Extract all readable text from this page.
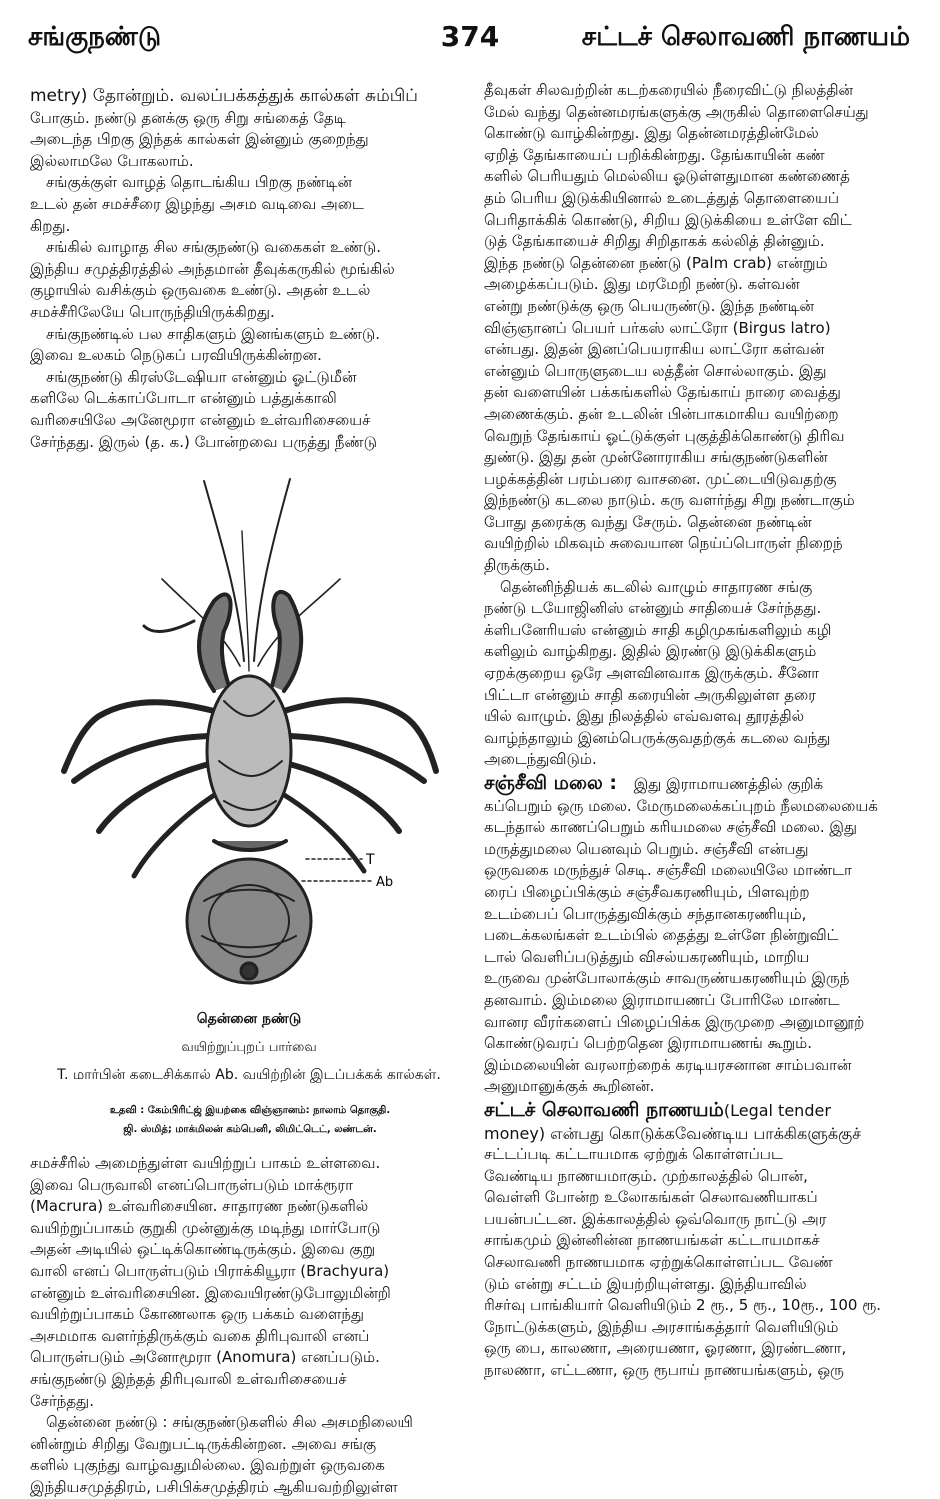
சங்குநண்டு	374	சட்டச் செலாவணி நாணயம்
metry) தோன்றும். வலப்பக்கத்துக் கால்கள் சும்பிப்
போகும். நண்டு தனக்கு ஒரு சிறு சங்கைத் தேடி
அடைந்த பிறகு இந்தக் கால்கள் இன்னும் குறைந்து
இல்லாமலே போகலாம்.
சங்குக்குள் வாழத் தொடங்கிய பிறகு நண்டின்
உடல் தன் சமச்சீரை இழந்து அசம வடிவை அடை
கிறது.
சங்கில் வாழாத சில சங்குநண்டு வகைகள் உண்டு.
இந்திய சமுத்திரத்தில் அந்தமான் தீவுக்கருகில் மூங்கில்
குழாயில் வசிக்கும் ஒருவகை உண்டு. அதன் உடல்
சமச்சீரிலேயே பொருந்தியிருக்கிறது.
சங்குநண்டில் பல சாதிகளும் இனங்களும் உண்டு.
இவை உலகம் நெடுகப் பரவியிருக்கின்றன.
சங்குநண்டு கிரஸ்டேஷியா என்னும் ஓட்டுமீன்
களிலே டெக்காப்போடா என்னும் பத்துக்காலி
வரிசையிலே அனேமூரா என்னும் உள்வரிசையைச்
சேர்ந்தது. இருல் (த. க.) போன்றவை பருத்து நீண்டு
T
Ab
தென்னை நண்டு
வயிற்றுப்புறப் பார்வை
T. மார்பின் கடைசிக்கால் Ab. வயிற்றின் இடப்பக்கக் கால்கள்.
உதவி : கேம்பிரிட்ஜ் இயற்கை விஞ்ஞானம்: நாலாம் தொகுதி.
ஜி. ஸ்மித்; மாக்மிலன் கம்பெனி, லிமிட்டெட், லண்டன்.
சமச்சீரில் அமைந்துள்ள வயிற்றுப் பாகம் உள்ளவை.
இவை பெருவாலி எனப்பொருள்படும் மாக்ரூரா
(Macrura) உள்வரிசையின. சாதாரண நண்டுகளில்
வயிற்றுப்பாகம் குறுகி முன்னுக்கு மடிந்து மார்போடு
அதன் அடியில் ஒட்டிக்கொண்டிருக்கும். இவை குறு
வாலி எனப் பொருள்படும் பிராக்கியூரா (Brachyura)
என்னும் உள்வரிசையின. இவையிரண்டுபோலுமின்றி
வயிற்றுப்பாகம் கோணலாக ஒரு பக்கம் வளைந்து
அசமமாக வளர்ந்திருக்கும் வகை திரிபுவாலி எனப்
பொருள்படும் அனோமூரா (Anomura) எனப்படும்.
சங்குநண்டு இந்தத் திரிபுவாலி உள்வரிசையைச்
சேர்ந்தது.
தென்னை நண்டு : சங்குநண்டுகளில் சில அசமநிலையி
னின்றும் சிறிது வேறுபட்டிருக்கின்றன. அவை சங்கு
களில் புகுந்து வாழ்வதுமில்லை. இவற்றுள் ஒருவகை
இந்தியசமுத்திரம், பசிபிக்சமுத்திரம் ஆகியவற்றிலுள்ள
தீவுகள் சிலவற்றின் கடற்கரையில் நீரைவிட்டு நிலத்தின்
மேல் வந்து தென்னமரங்களுக்கு அருகில் தொளைசெய்து
கொண்டு வாழ்கின்றது. இது தென்னமரத்தின்மேல்
ஏறித் தேங்காயைப் பறிக்கின்றது. தேங்காயின் கண்
களில் பெரியதும் மெல்லிய ஓடுள்ளதுமான கண்ணைத்
தம் பெரிய இடுக்கியினால் உடைத்துத் தொளையைப்
பெரிதாக்கிக் கொண்டு, சிறிய இடுக்கியை உள்ளே விட்
டுத் தேங்காயைச் சிறிது சிறிதாகக் கல்லித் தின்னும்.
இந்த நண்டு தென்னை நண்டு (Palm crab) என்றும்
அழைக்கப்படும். இது மரமேறி நண்டு. கள்வன்
என்று நண்டுக்கு ஒரு பெயருண்டு. இந்த நண்டின்
விஞ்ஞானப் பெயர் பர்கஸ் லாட்ரோ (Birgus latro)
என்பது. இதன் இனப்பெயராகிய லாட்ரோ கள்வன்
என்னும் பொருளுடைய லத்தீன் சொல்லாகும். இது
தன் வளையின் பக்கங்களில் தேங்காய் நாரை வைத்து
அணைக்கும். தன் உடலின் பின்பாகமாகிய வயிற்றை
வெறுந் தேங்காய் ஓட்டுக்குள் புகுத்திக்கொண்டு திரிவ
துண்டு. இது தன் முன்னோராகிய சங்குநண்டுகளின்
பழக்கத்தின் பரம்பரை வாசனை. முட்டையிடுவதற்கு
இந்நண்டு கடலை நாடும். கரு வளர்ந்து சிறு நண்டாகும்
போது தரைக்கு வந்து சேரும். தென்னை நண்டின்
வயிற்றில் மிகவும் சுவையான நெய்ப்பொருள் நிறைந்
திருக்கும்.
தென்னிந்தியக் கடலில் வாழும் சாதாரண சங்கு
நண்டு டயோஜினிஸ் என்னும் சாதியைச் சேர்ந்தது.
க்ளிபனேரியஸ் என்னும் சாதி கழிமுகங்களிலும் கழி
களிலும் வாழ்கிறது. இதில் இரண்டு இடுக்கிகளும்
ஏறக்குறைய ஒரே அளவினவாக இருக்கும். சீனோ
பிட்டா என்னும் சாதி கரையின் அருகிலுள்ள தரை
யில் வாழும். இது நிலத்தில் எவ்வளவு தூரத்தில்
வாழ்ந்தாலும் இனம்பெருக்குவதற்குக் கடலை வந்து
அடைந்துவிடும்.
சஞ்சீவி மலை : இது இராமாயணத்தில் குறிக்
கப்பெறும் ஒரு மலை. மேருமலைக்கப்புறம் நீலமலையைக்
கடந்தால் காணப்பெறும் கரியமலை சஞ்சீவி மலை. இது
மருத்துமலை யெனவும் பெறும். சஞ்சீவி என்பது
ஒருவகை மருந்துச் செடி. சஞ்சீவி மலையிலே மாண்டா
ரைப் பிழைப்பிக்கும் சஞ்சீவகரணியும், பிளவுற்ற
உடம்பைப் பொருத்துவிக்கும் சந்தானகரணியும்,
படைக்கலங்கள் உடம்பில் தைத்து உள்ளே நின்றுவிட்
டால் வெளிப்படுத்தும் விசல்யகரணியும், மாறிய
உருவை முன்போலாக்கும் சாவருண்யகரணியும் இருந்
தனவாம். இம்மலை இராமாயணப் போரிலே மாண்ட
வானர வீரர்களைப் பிழைப்பிக்க இருமுறை அனுமானூற்
கொண்டுவரப் பெற்றதென இராமாயணங் கூறும்.
இம்மலையின் வரலாற்றைக் கரடியரசனான சாம்பவான்
அனுமானுக்குக் கூறினன்.
சட்டச் செலாவணி நாணயம்(Legal tender
money) என்பது கொடுக்கவேண்டிய பாக்கிகளுக்குச்
சட்டப்படி கட்டாயமாக ஏற்றுக் கொள்ளப்பட
வேண்டிய நாணயமாகும். முற்காலத்தில் பொன்,
வெள்ளி போன்ற உலோகங்கள் செலாவணியாகப்
பயன்பட்டன. இக்காலத்தில் ஒவ்வொரு நாட்டு அர
சாங்கமும் இன்னின்ன நாணயங்கள் கட்டாயமாகச்
செலாவணி நாணயமாக ஏற்றுக்கொள்ளப்பட வேண்
டும் என்று சட்டம் இயற்றியுள்ளது. இந்தியாவில்
ரிசர்வு பாங்கியார் வெளியிடும் 2 ரூ., 5 ரூ., 10ரூ., 100 ரூ.
நோட்டுக்களும், இந்திய அரசாங்கத்தார் வெளியிடும்
ஒரு பை, காலணா, அரையணா, ஓரணா, இரண்டணா,
நாலணா, எட்டணா, ஒரு ரூபாய் நாணயங்களும், ஒரு
